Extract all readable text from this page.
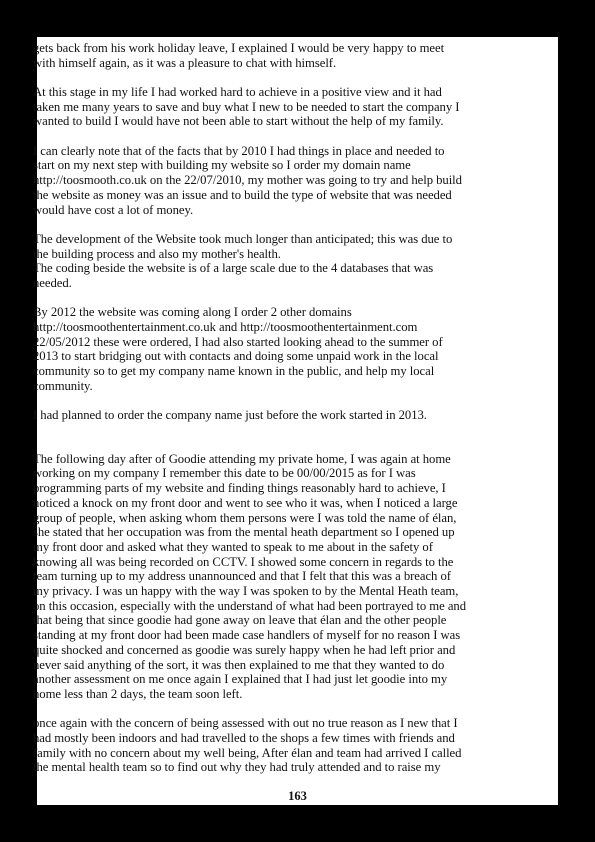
gets back from his work holiday leave, I explained I would be very happy to meet
with himself again, as it was a pleasure to chat with himself.

At this stage in my life I had worked hard to achieve in a positive view and it had
taken me many years to save and buy what I new to be needed to start the company I
wanted to build I would have not been able to start without the help of my family.

I can clearly note that of the facts that by 2010 I had things in place and needed to
start on my next step with building my website so I order my domain name
http://toosmooth.co.uk on the 22/07/2010, my mother was going to try and help build
the website as money was an issue and to build the type of website that was needed
would have cost a lot of money.

The development of the Website took much longer than anticipated; this was due to
the building process and also my mother's health.
The coding beside the website is of a large scale due to the 4 databases that was
needed.

By 2012 the website was coming along I order 2 other domains
http://toosmoothentertainment.co.uk and http://toosmoothentertainment.com
22/05/2012 these were ordered, I had also started looking ahead to the summer of
2013 to start bridging out with contacts and doing some unpaid work in the local
community so to get my company name known in the public, and help my local
community.

I had planned to order the company name just before the work started in 2013.

The following day after of Goodie attending my private home, I was again at home
working on my company I remember this date to be 00/00/2015 as for I was
programming parts of my website and finding things reasonably hard to achieve, I
noticed a knock on my front door and went to see who it was, when I noticed a large
group of people, when asking whom them persons were I was told the name of élan,
she stated that her occupation was from the mental heath department so I opened up
my front door and asked what they wanted to speak to me about in the safety of
knowing all was being recorded on CCTV. I showed some concern in regards to the
team turning up to my address unannounced and that I felt that this was a breach of
my privacy. I was un happy with the way I was spoken to by the Mental Heath team,
on this occasion, especially with the understand of what had been portrayed to me and
that being that since goodie had gone away on leave that élan and the other people
standing at my front door had been made case handlers of myself for no reason I was
quite shocked and concerned as goodie was surely happy when he had left prior and
never said anything of the sort, it was then explained to me that they wanted to do
another assessment on me once again I explained that I had just let goodie into my
home less than 2 days, the team soon left.

once again with the concern of being assessed with out no true reason as I new that I
had mostly been indoors and had travelled to the shops a few times with friends and
family with no concern about my well being, After élan and team had arrived I called
the mental health team so to find out why they had truly attended and to raise my

163
